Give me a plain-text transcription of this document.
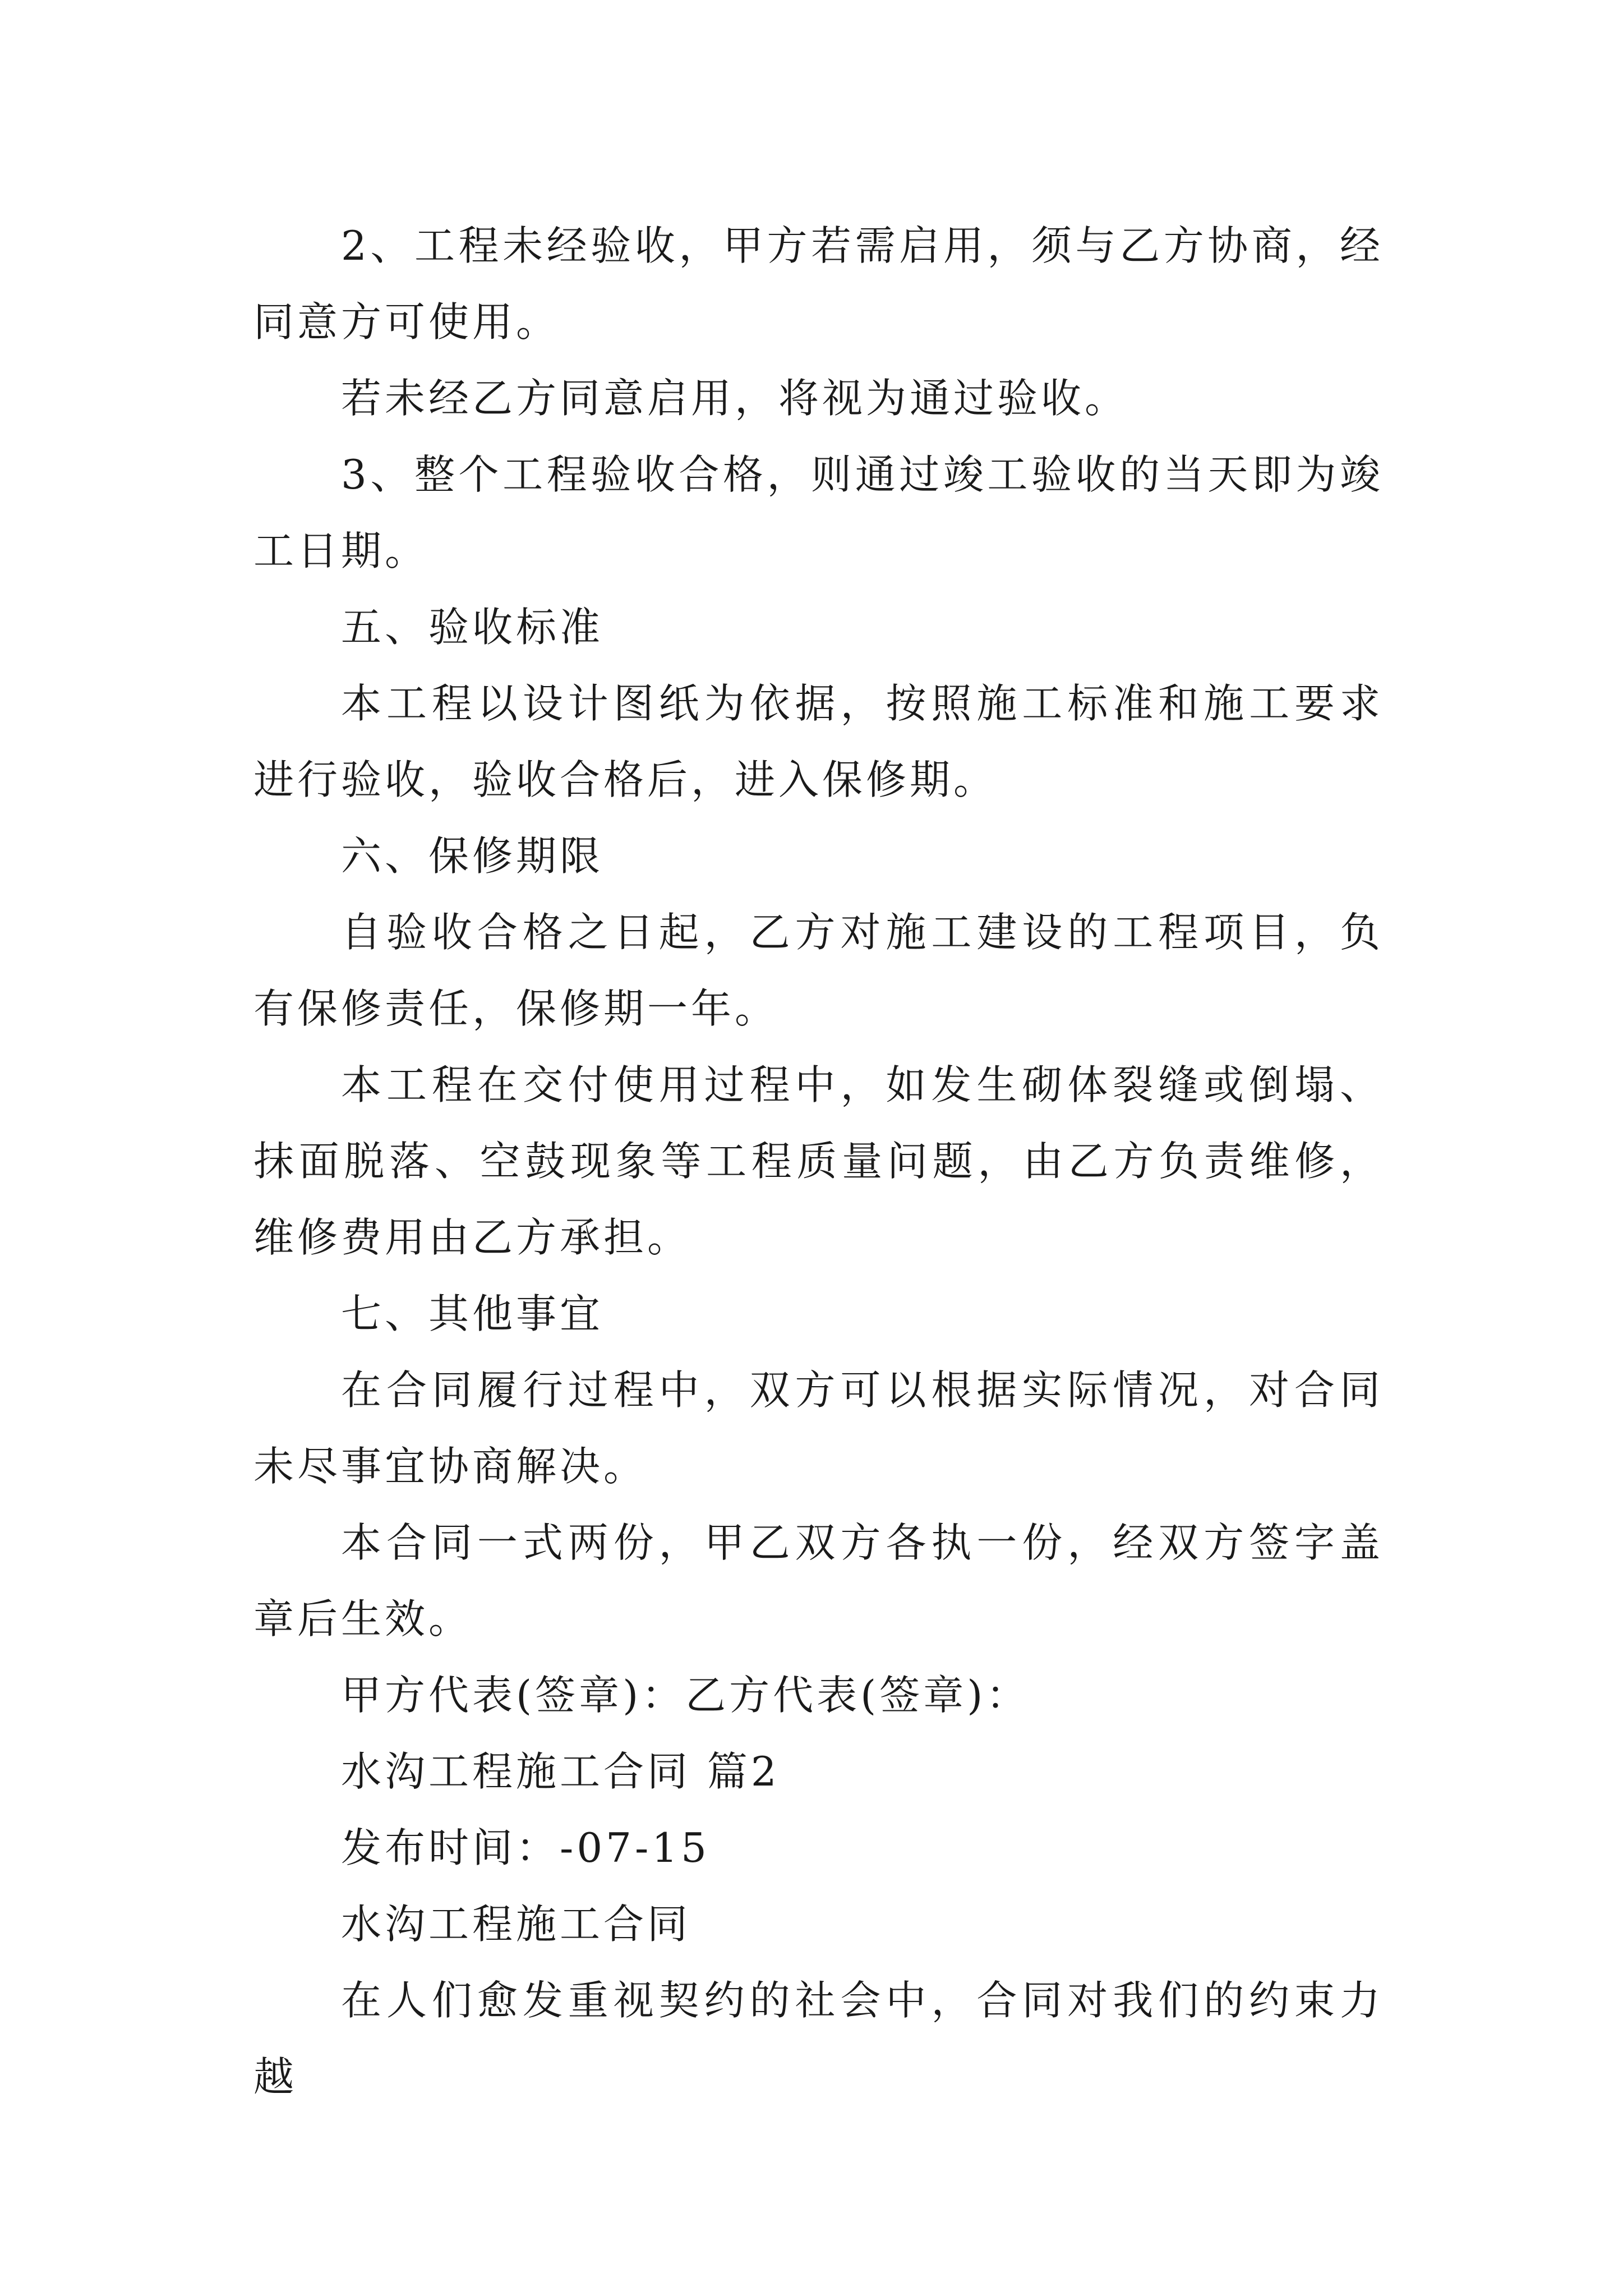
2、工程未经验收，甲方若需启用，须与乙方协商，经同意方可使用。

若未经乙方同意启用，将视为通过验收。

3、整个工程验收合格，则通过竣工验收的当天即为竣工日期。

五、验收标准

本工程以设计图纸为依据，按照施工标准和施工要求进行验收，验收合格后，进入保修期。

六、保修期限

自验收合格之日起，乙方对施工建设的工程项目，负有保修责任，保修期一年。

本工程在交付使用过程中，如发生砌体裂缝或倒塌、抹面脱落、空鼓现象等工程质量问题，由乙方负责维修，维修费用由乙方承担。

七、其他事宜

在合同履行过程中，双方可以根据实际情况，对合同未尽事宜协商解决。

本合同一式两份，甲乙双方各执一份，经双方签字盖章后生效。

甲方代表(签章)：乙方代表(签章)：

水沟工程施工合同 篇2

发布时间：-07-15

水沟工程施工合同

在人们愈发重视契约的社会中，合同对我们的约束力越
